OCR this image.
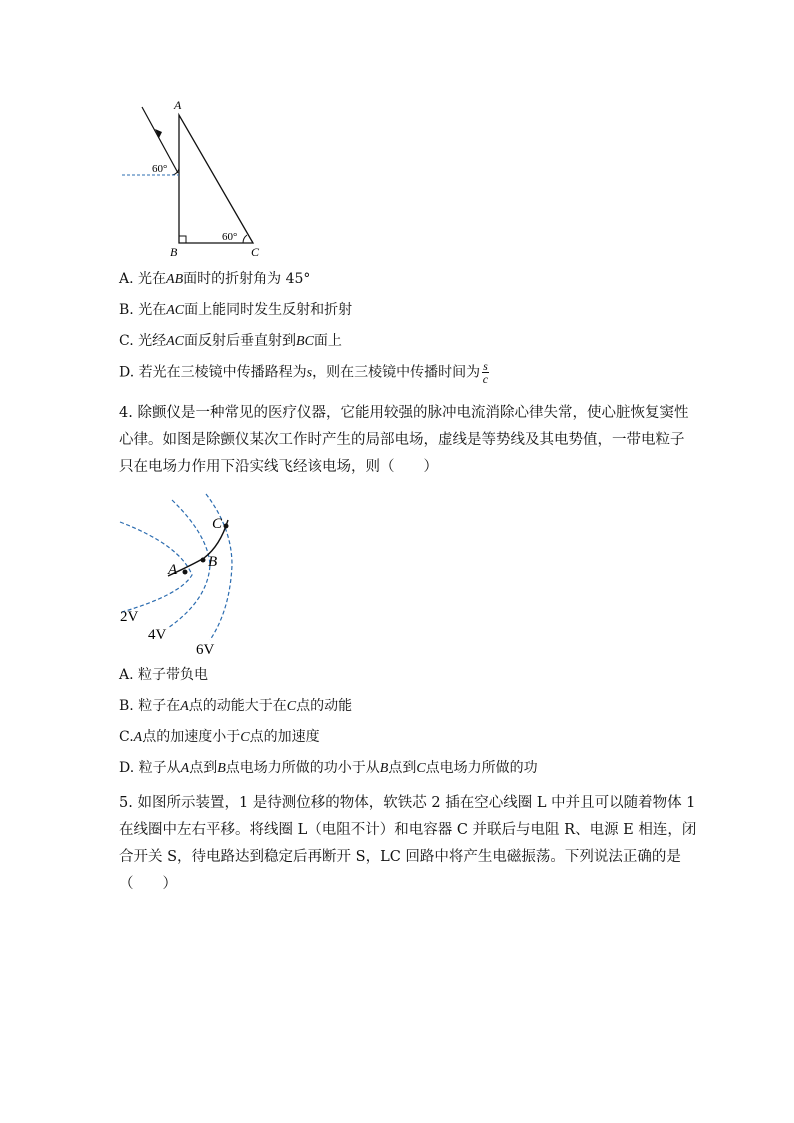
A
B	C
60°
60°
A. 光在AB面时的折射角为 45°
B. 光在AC面上能同时发生反射和折射
C. 光经AC面反射后垂直射到BC面上
D. 若光在三棱镜中传播路程为s，则在三棱镜中传播时间为 $\frac{s}{c}$
4. 除颤仪是一种常见的医疗仪器，它能用较强的脉冲电流消除心律失常，使心脏恢复窦性
心律。如图是除颤仪某次工作时产生的局部电场，虚线是等势线及其电势值，一带电粒子
只在电场力作用下沿实线飞经该电场，则（　　）
A B
C
2V
4V
6V
A. 粒子带负电
B. 粒子在A点的动能大于在C点的动能
C.A点的加速度小于C点的加速度
D. 粒子从A点到B点电场力所做的功小于从B点到C点电场力所做的功
5. 如图所示装置，1 是待测位移的物体，软铁芯 2 插在空心线圈 L 中并且可以随着物体 1
在线圈中左右平移。将线圈 L（电阻不计）和电容器 C 并联后与电阻 R、电源 E 相连，闭
合开关 S，待电路达到稳定后再断开 S，LC 回路中将产生电磁振荡。下列说法正确的是
（　　）
